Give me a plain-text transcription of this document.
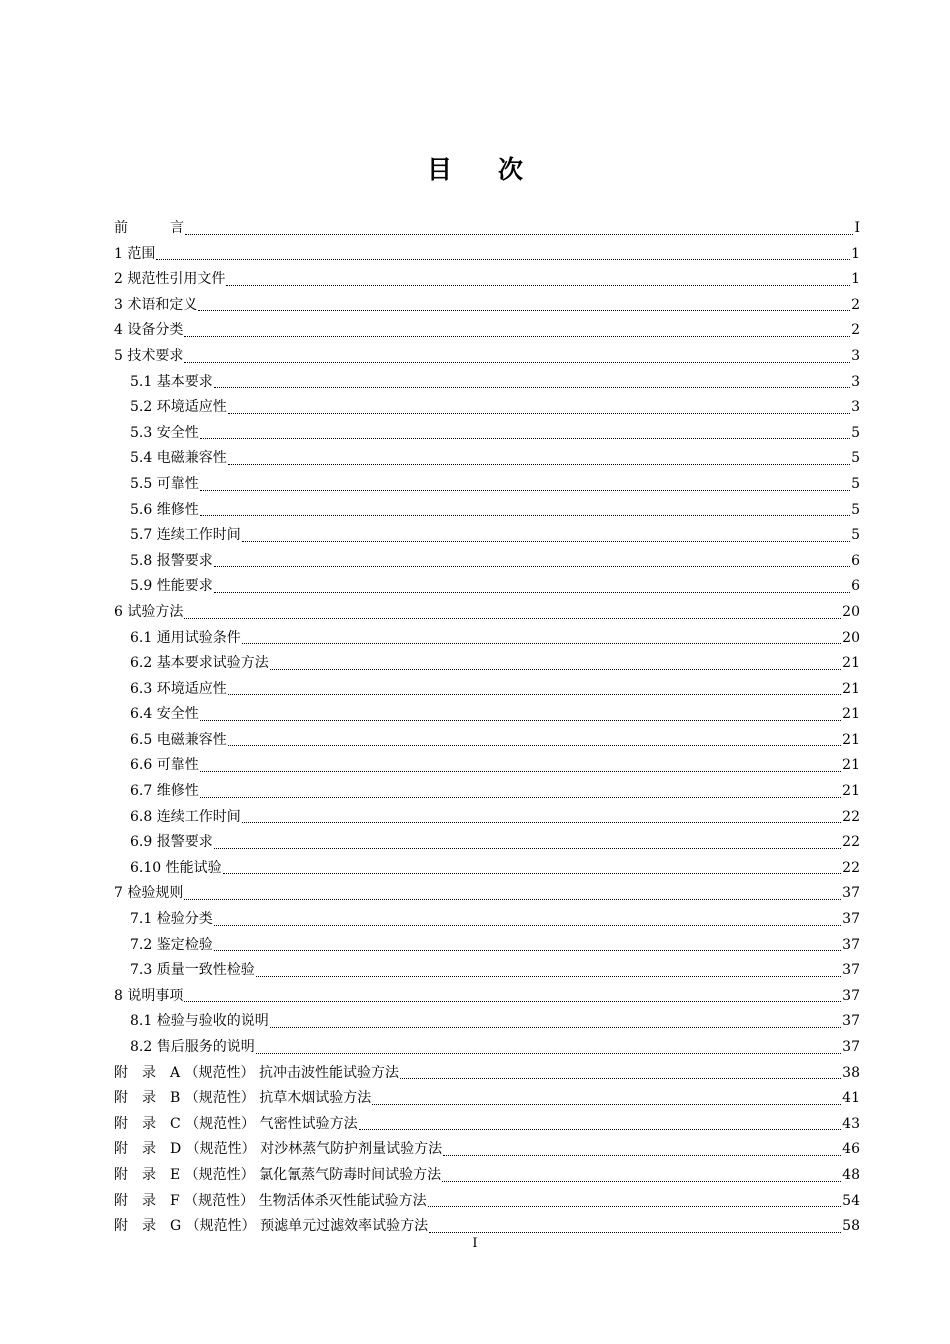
目次
前　　　言	I
1 范围	1
2 规范性引用文件	1
3 术语和定义	2
4 设备分类	2
5 技术要求	3
5.1 基本要求	3
5.2 环境适应性	3
5.3 安全性	5
5.4 电磁兼容性	5
5.5 可靠性	5
5.6 维修性	5
5.7 连续工作时间	5
5.8 报警要求	6
5.9 性能要求	6
6 试验方法	20
6.1 通用试验条件	20
6.2 基本要求试验方法	21
6.3 环境适应性	21
6.4 安全性	21
6.5 电磁兼容性	21
6.6 可靠性	21
6.7 维修性	21
6.8 连续工作时间	22
6.9 报警要求	22
6.10 性能试验	22
7 检验规则	37
7.1 检验分类	37
7.2 鉴定检验	37
7.3 质量一致性检验	37
8 说明事项	37
8.1 检验与验收的说明	37
8.2 售后服务的说明	37
附　录　A （规范性） 抗冲击波性能试验方法	38
附　录　B （规范性） 抗草木烟试验方法	41
附　录　C （规范性） 气密性试验方法	43
附　录　D （规范性） 对沙林蒸气防护剂量试验方法	46
附　录　E （规范性） 氯化氰蒸气防毒时间试验方法	48
附　录　F （规范性） 生物活体杀灭性能试验方法	54
附　录　G （规范性） 预滤单元过滤效率试验方法	58
I
